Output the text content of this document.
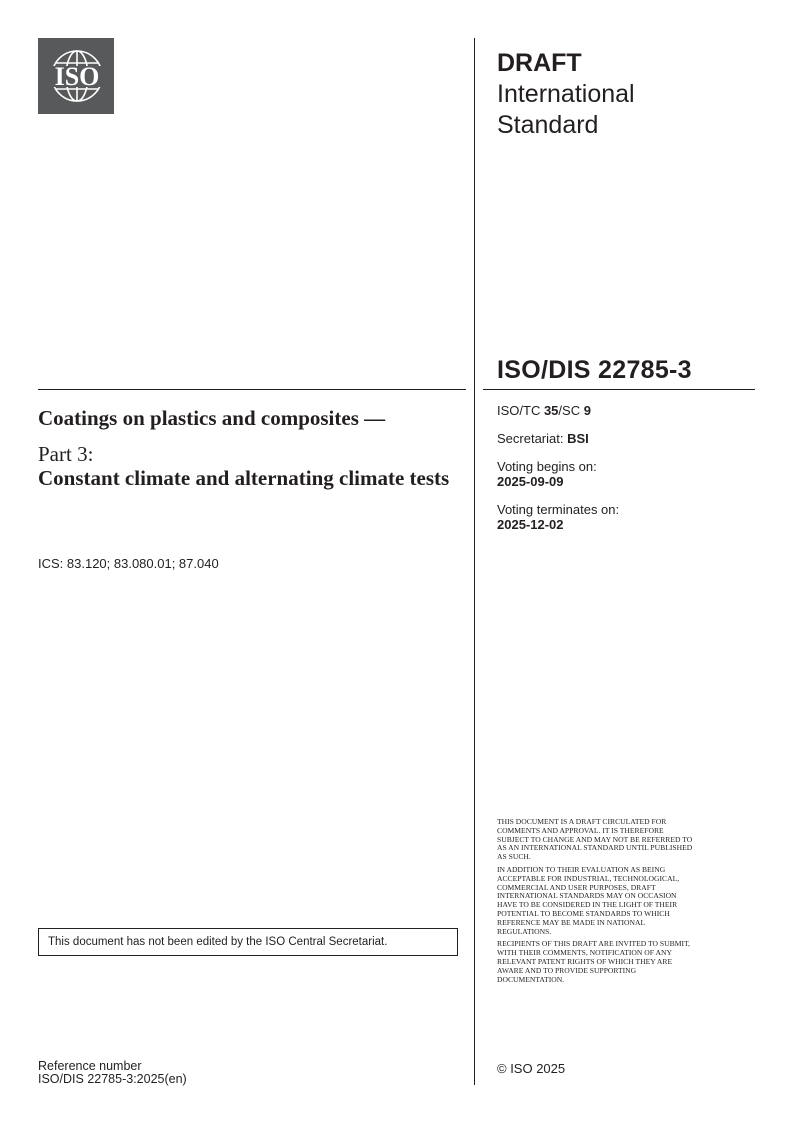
ISO	DRAFT
International
Standard
ISO/DIS 22785-3
ISO/TC 35/SC 9
Secretariat: BSI
Voting begins on:
2025-09-09
Voting terminates on:
2025-12-02
Coatings on plastics and composites —
Part 3:
Constant climate and alternating climate tests
ICS: 83.120; 83.080.01; 87.040
This document has not been edited by the ISO Central Secretariat.

THIS DOCUMENT IS A DRAFT CIRCULATED FOR COMMENTS AND APPROVAL. IT IS THEREFORE SUBJECT TO CHANGE AND MAY NOT BE REFERRED TO AS AN INTERNATIONAL STANDARD UNTIL PUBLISHED AS SUCH.

IN ADDITION TO THEIR EVALUATION AS BEING ACCEPTABLE FOR INDUSTRIAL, TECHNOLOGICAL, COMMERCIAL AND USER PURPOSES, DRAFT INTERNATIONAL STANDARDS MAY ON OCCASION HAVE TO BE CONSIDERED IN THE LIGHT OF THEIR POTENTIAL TO BECOME STANDARDS TO WHICH REFERENCE MAY BE MADE IN NATIONAL REGULATIONS.

RECIPIENTS OF THIS DRAFT ARE INVITED TO SUBMIT, WITH THEIR COMMENTS, NOTIFICATION OF ANY RELEVANT PATENT RIGHTS OF WHICH THEY ARE AWARE AND TO PROVIDE SUPPORTING DOCUMENTATION.

© ISO 2025
Reference number
ISO/DIS 22785-3:2025(en)
